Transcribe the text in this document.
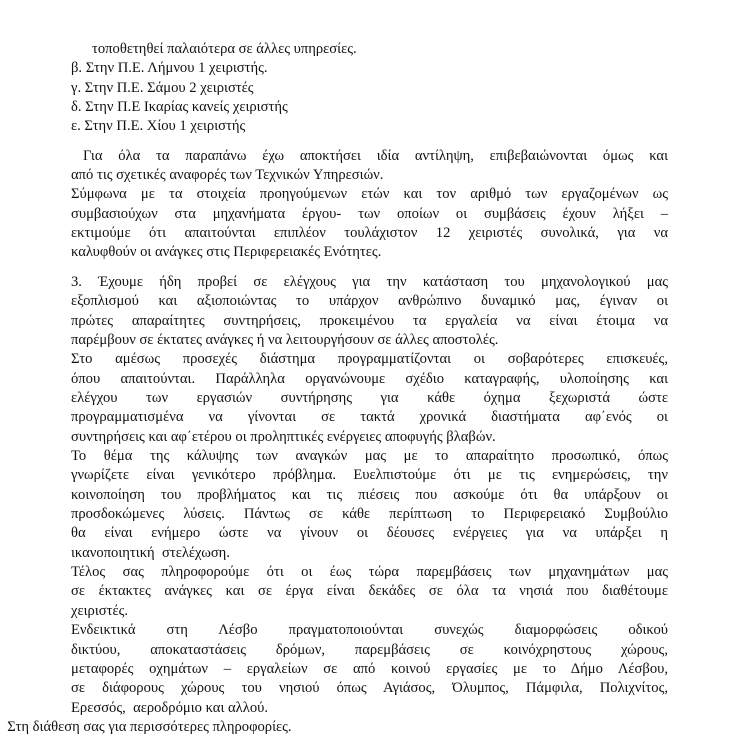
τοποθετηθεί παλαιότερα σε άλλες υπηρεσίες.
β. Στην Π.Ε. Λήμνου 1 χειριστής.
γ. Στην Π.Ε. Σάμου 2 χειριστές
δ. Στην Π.Ε Ικαρίας κανείς χειριστής
ε. Στην Π.Ε. Χίου 1 χειριστής
Για όλα τα παραπάνω έχω αποκτήσει ιδία αντίληψη, επιβεβαιώνονται όμως και
από τις σχετικές αναφορές των Τεχνικών Υπηρεσιών.
Σύμφωνα με τα στοιχεία προηγούμενων ετών και τον αριθμό των εργαζομένων ως
συμβασιούχων στα μηχανήματα έργου- των οποίων οι συμβάσεις έχουν λήξει –
εκτιμούμε ότι απαιτούνται επιπλέον τουλάχιστον 12 χειριστές συνολικά, για να
καλυφθούν οι ανάγκες στις Περιφερειακές Ενότητες.
3. Έχουμε ήδη προβεί σε ελέγχους για την κατάσταση του μηχανολογικού μας
εξοπλισμού και αξιοποιώντας το υπάρχον ανθρώπινο δυναμικό μας, έγιναν οι
πρώτες απαραίτητες συντηρήσεις, προκειμένου τα εργαλεία να είναι έτοιμα να
παρέμβουν σε έκτατες ανάγκες ή να λειτουργήσουν σε άλλες αποστολές.
Στο αμέσως προσεχές διάστημα προγραμματίζονται οι σοβαρότερες επισκευές,
όπου απαιτούνται. Παράλληλα οργανώνουμε σχέδιο καταγραφής, υλοποίησης και
ελέγχου των εργασιών συντήρησης για κάθε όχημα ξεχωριστά ώστε
προγραμματισμένα να γίνονται σε τακτά χρονικά διαστήματα αφ΄ενός οι
συντηρήσεις και αφ΄ετέρου οι προληπτικές ενέργειες αποφυγής βλαβών.
Το θέμα της κάλυψης των αναγκών μας με το απαραίτητο προσωπικό, όπως
γνωρίζετε είναι γενικότερο πρόβλημα. Ευελπιστούμε ότι με τις ενημερώσεις, την
κοινοποίηση του προβλήματος και τις πιέσεις που ασκούμε ότι θα υπάρξουν οι
προσδοκώμενες λύσεις. Πάντως σε κάθε περίπτωση το Περιφερειακό Συμβούλιο
θα είναι ενήμερο ώστε να γίνουν οι δέουσες ενέργειες για να υπάρξει η
ικανοποιητική  στελέχωση.
Τέλος σας πληροφορούμε ότι οι έως τώρα παρεμβάσεις των μηχανημάτων μας
σε έκτακτες ανάγκες και σε έργα είναι δεκάδες σε όλα τα νησιά που διαθέτουμε
χειριστές.
Ενδεικτικά στη Λέσβο πραγματοποιούνται συνεχώς διαμορφώσεις οδικού
δικτύου, αποκαταστάσεις δρόμων, παρεμβάσεις σε κοινόχρηστους χώρους,
μεταφορές οχημάτων – εργαλείων σε από κοινού εργασίες με το Δήμο Λέσβου,
σε διάφορους χώρους του νησιού όπως Αγιάσος, Όλυμπος, Πάμφιλα, Πολιχνίτος,
Ερεσσός,  αεροδρόμιο και αλλού.
Στη διάθεση σας για περισσότερες πληροφορίες.
